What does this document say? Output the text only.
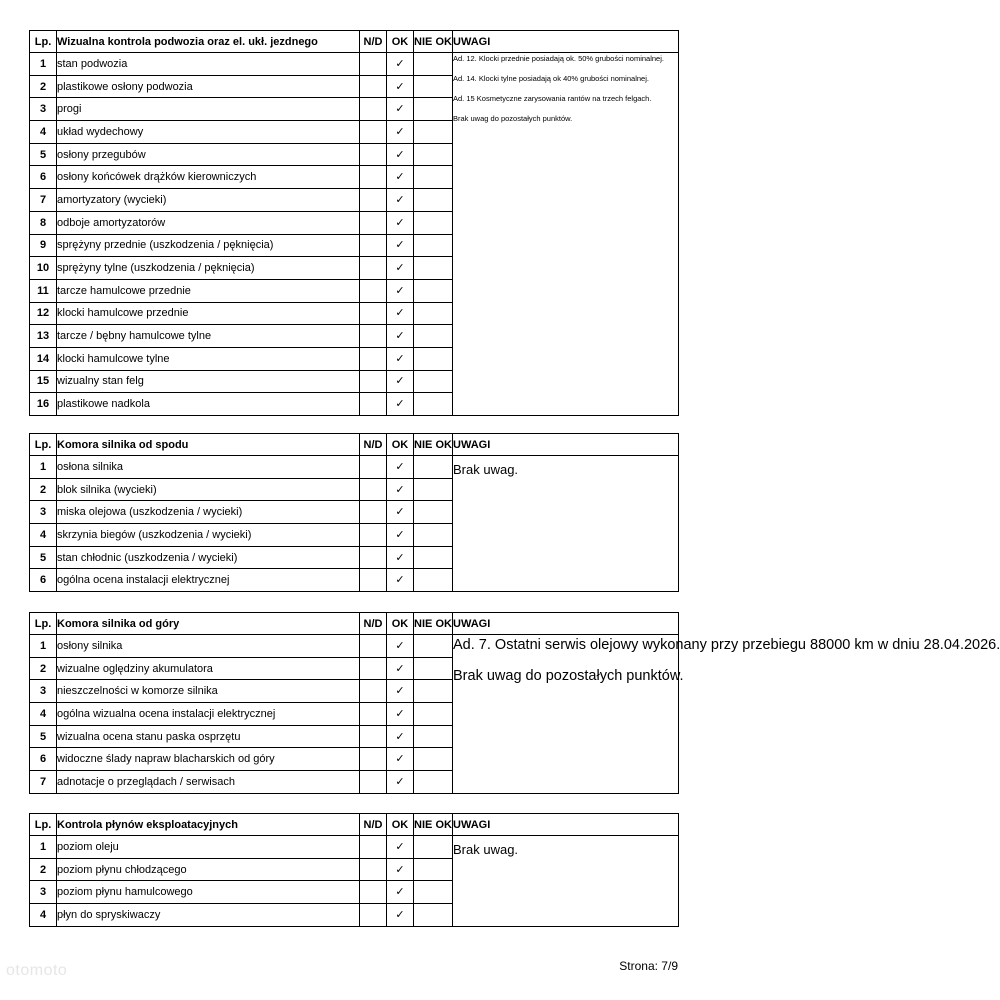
Lp.	Wizualna kontrola podwozia oraz el. ukł. jezdnego	N/D	OK	NIE OK	UWAGI
1	stan podwozia		✓		Ad. 12. Klocki przednie posiadają ok. 50% grubości nominalnej.

Ad. 14. Klocki tylne posiadają ok 40% grubości nominalnej.

Ad. 15 Kosmetyczne zarysowania rantów na trzech felgach.

Brak uwag do pozostałych punktów.

2	plastikowe osłony podwozia		✓		
3	progi		✓		
4	układ wydechowy		✓		
5	osłony przegubów		✓		
6	osłony końcówek drążków kierowniczych		✓		
7	amortyzatory (wycieki)		✓		
8	odboje amortyzatorów		✓		
9	sprężyny przednie (uszkodzenia / pęknięcia)		✓		
10	sprężyny tylne (uszkodzenia / pęknięcia)		✓		
11	tarcze hamulcowe przednie		✓		
12	klocki hamulcowe przednie		✓		
13	tarcze / bębny hamulcowe tylne		✓		
14	klocki hamulcowe tylne		✓		
15	wizualny stan felg		✓		
16	plastikowe nadkola		✓		
Lp.	Komora silnika od spodu	N/D	OK	NIE OK	UWAGI
1	osłona silnika		✓		Brak uwag.

2	blok silnika (wycieki)		✓		
3	miska olejowa (uszkodzenia / wycieki)		✓		
4	skrzynia biegów (uszkodzenia / wycieki)		✓		
5	stan chłodnic (uszkodzenia / wycieki)		✓		
6	ogólna ocena instalacji elektrycznej		✓		
Lp.	Komora silnika od góry	N/D	OK	NIE OK	UWAGI
1	osłony silnika		✓		Ad. 7. Ostatni serwis olejowy wykonany przy przebiegu 88000 km w dniu 28.04.2026.

Brak uwag do pozostałych punktów.

2	wizualne oględziny akumulatora		✓		
3	nieszczelności w komorze silnika		✓		
4	ogólna wizualna ocena instalacji elektrycznej		✓		
5	wizualna ocena stanu paska osprzętu		✓		
6	widoczne ślady napraw blacharskich od góry		✓		
7	adnotacje o przeglądach / serwisach		✓		
Lp.	Kontrola płynów eksploatacyjnych	N/D	OK	NIE OK	UWAGI
1	poziom oleju		✓		Brak uwag.

2	poziom płynu chłodzącego		✓		
3	poziom płynu hamulcowego		✓		
4	płyn do spryskiwaczy		✓		
otomoto	Strona: 7/9
